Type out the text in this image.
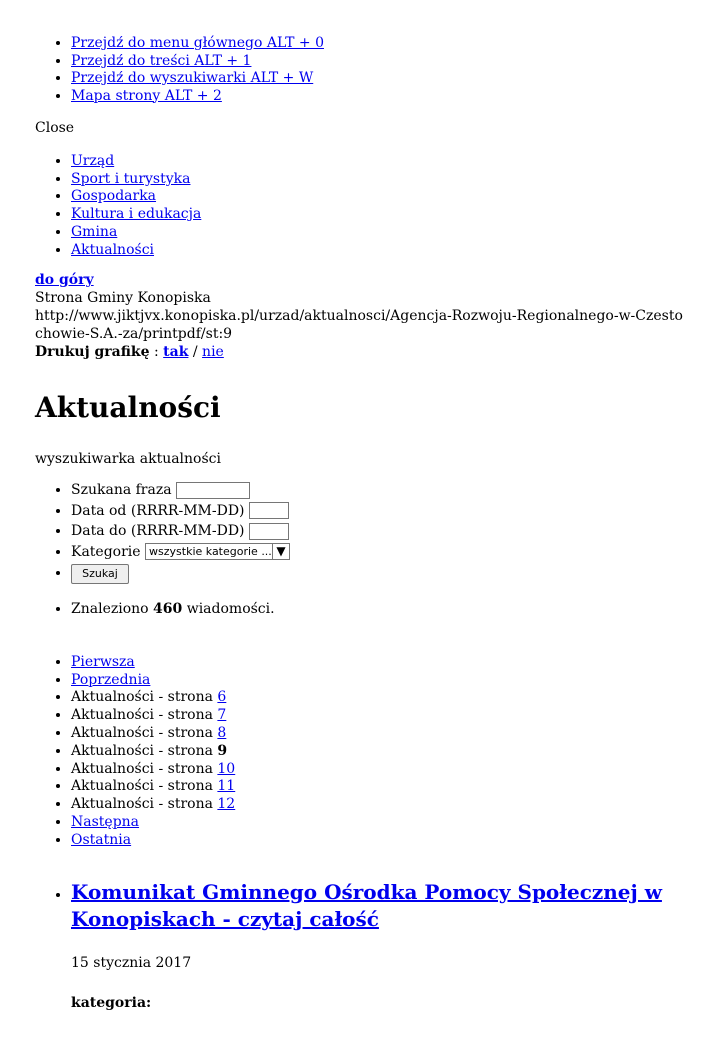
• Przejdź do menu głównego ALT + 0
• Przejdź do treści ALT + 1
• Przejdź do wyszukiwarki ALT + W
• Mapa strony ALT + 2
Close
• Urząd
• Sport i turystyka
• Gospodarka
• Kultura i edukacja
• Gmina
• Aktualności
do góry
Strona Gminy Konopiska
http://www.jiktjvx.konopiska.pl/urzad/aktualnosci/Agencja-Rozwoju-Regionalnego-w-Czestochowie-S.A.-za/printpdf/st:9
Drukuj grafikę : tak / nie
Aktualności
wyszukiwarka aktualności
• Szukana fraza
• Data od (RRRR-MM-DD)
• Data do (RRRR-MM-DD)
• Kategorie wszystkie kategorie ... ▼
• Szukaj
• Znaleziono 460 wiadomości.
• Pierwsza
• Poprzednia
• Aktualności - strona 6
• Aktualności - strona 7
• Aktualności - strona 8
• Aktualności - strona 9
• Aktualności - strona 10
• Aktualności - strona 11
• Aktualności - strona 12
• Następna
• Ostatnia
• Komunikat Gminnego Ośrodka Pomocy Społecznej w Konopiskach - czytaj całość
15 stycznia 2017
kategoria:
